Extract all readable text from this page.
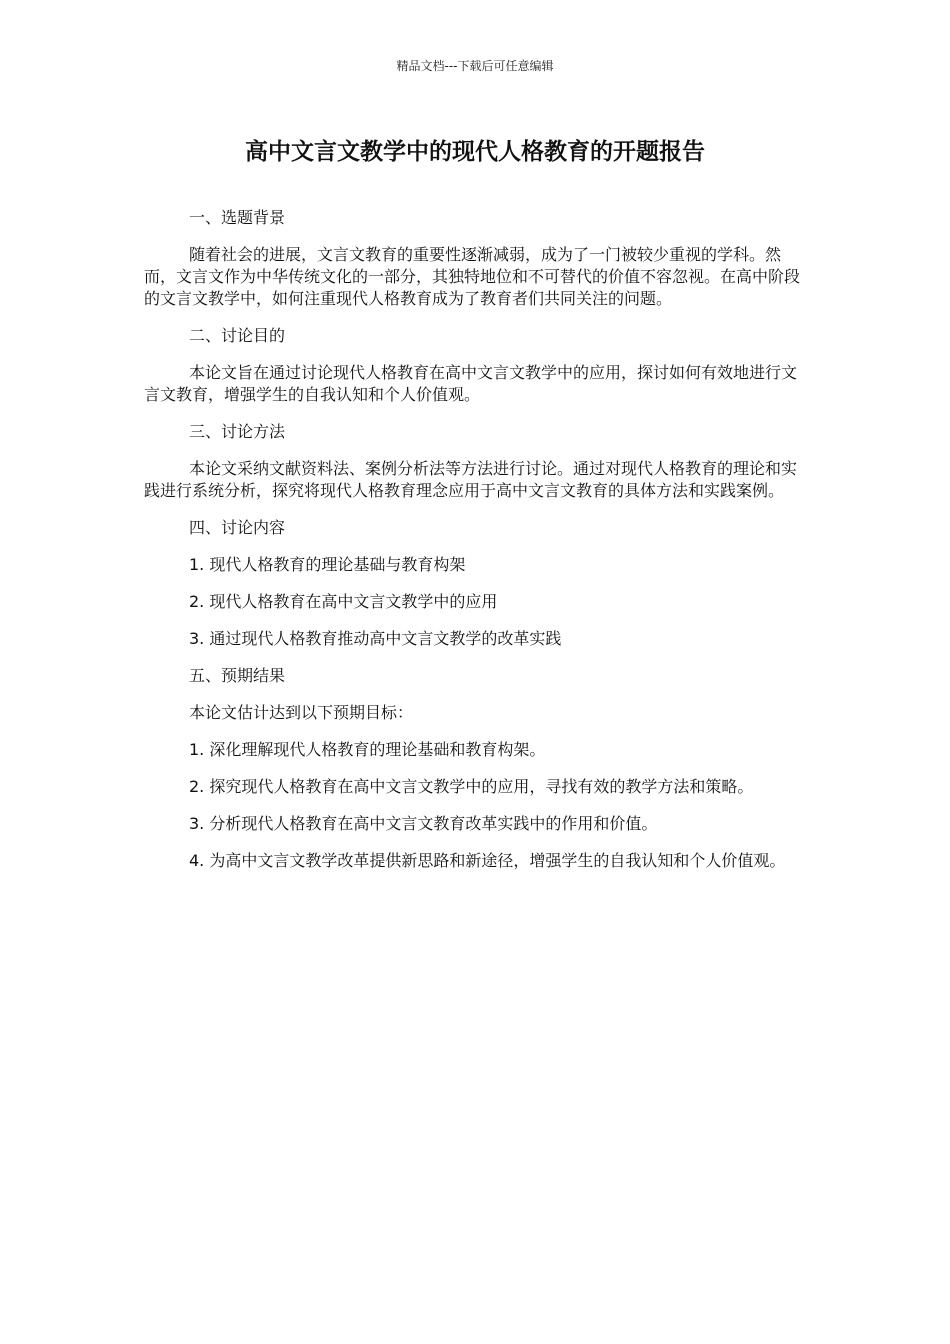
精品文档---下载后可任意编辑
高中文言文教学中的现代人格教育的开题报告

一、选题背景

随着社会的进展，文言文教育的重要性逐渐减弱，成为了一门被较少重视的学科。然而，文言文作为中华传统文化的一部分，其独特地位和不可替代的价值不容忽视。在高中阶段的文言文教学中，如何注重现代人格教育成为了教育者们共同关注的问题。

二、讨论目的

本论文旨在通过讨论现代人格教育在高中文言文教学中的应用，探讨如何有效地进行文言文教育，增强学生的自我认知和个人价值观。

三、讨论方法

本论文采纳文献资料法、案例分析法等方法进行讨论。通过对现代人格教育的理论和实践进行系统分析，探究将现代人格教育理念应用于高中文言文教育的具体方法和实践案例。

四、讨论内容

1. 现代人格教育的理论基础与教育构架

2. 现代人格教育在高中文言文教学中的应用

3. 通过现代人格教育推动高中文言文教学的改革实践

五、预期结果

本论文估计达到以下预期目标：

1. 深化理解现代人格教育的理论基础和教育构架。

2. 探究现代人格教育在高中文言文教学中的应用，寻找有效的教学方法和策略。

3. 分析现代人格教育在高中文言文教育改革实践中的作用和价值。

4. 为高中文言文教学改革提供新思路和新途径，增强学生的自我认知和个人价值观。
